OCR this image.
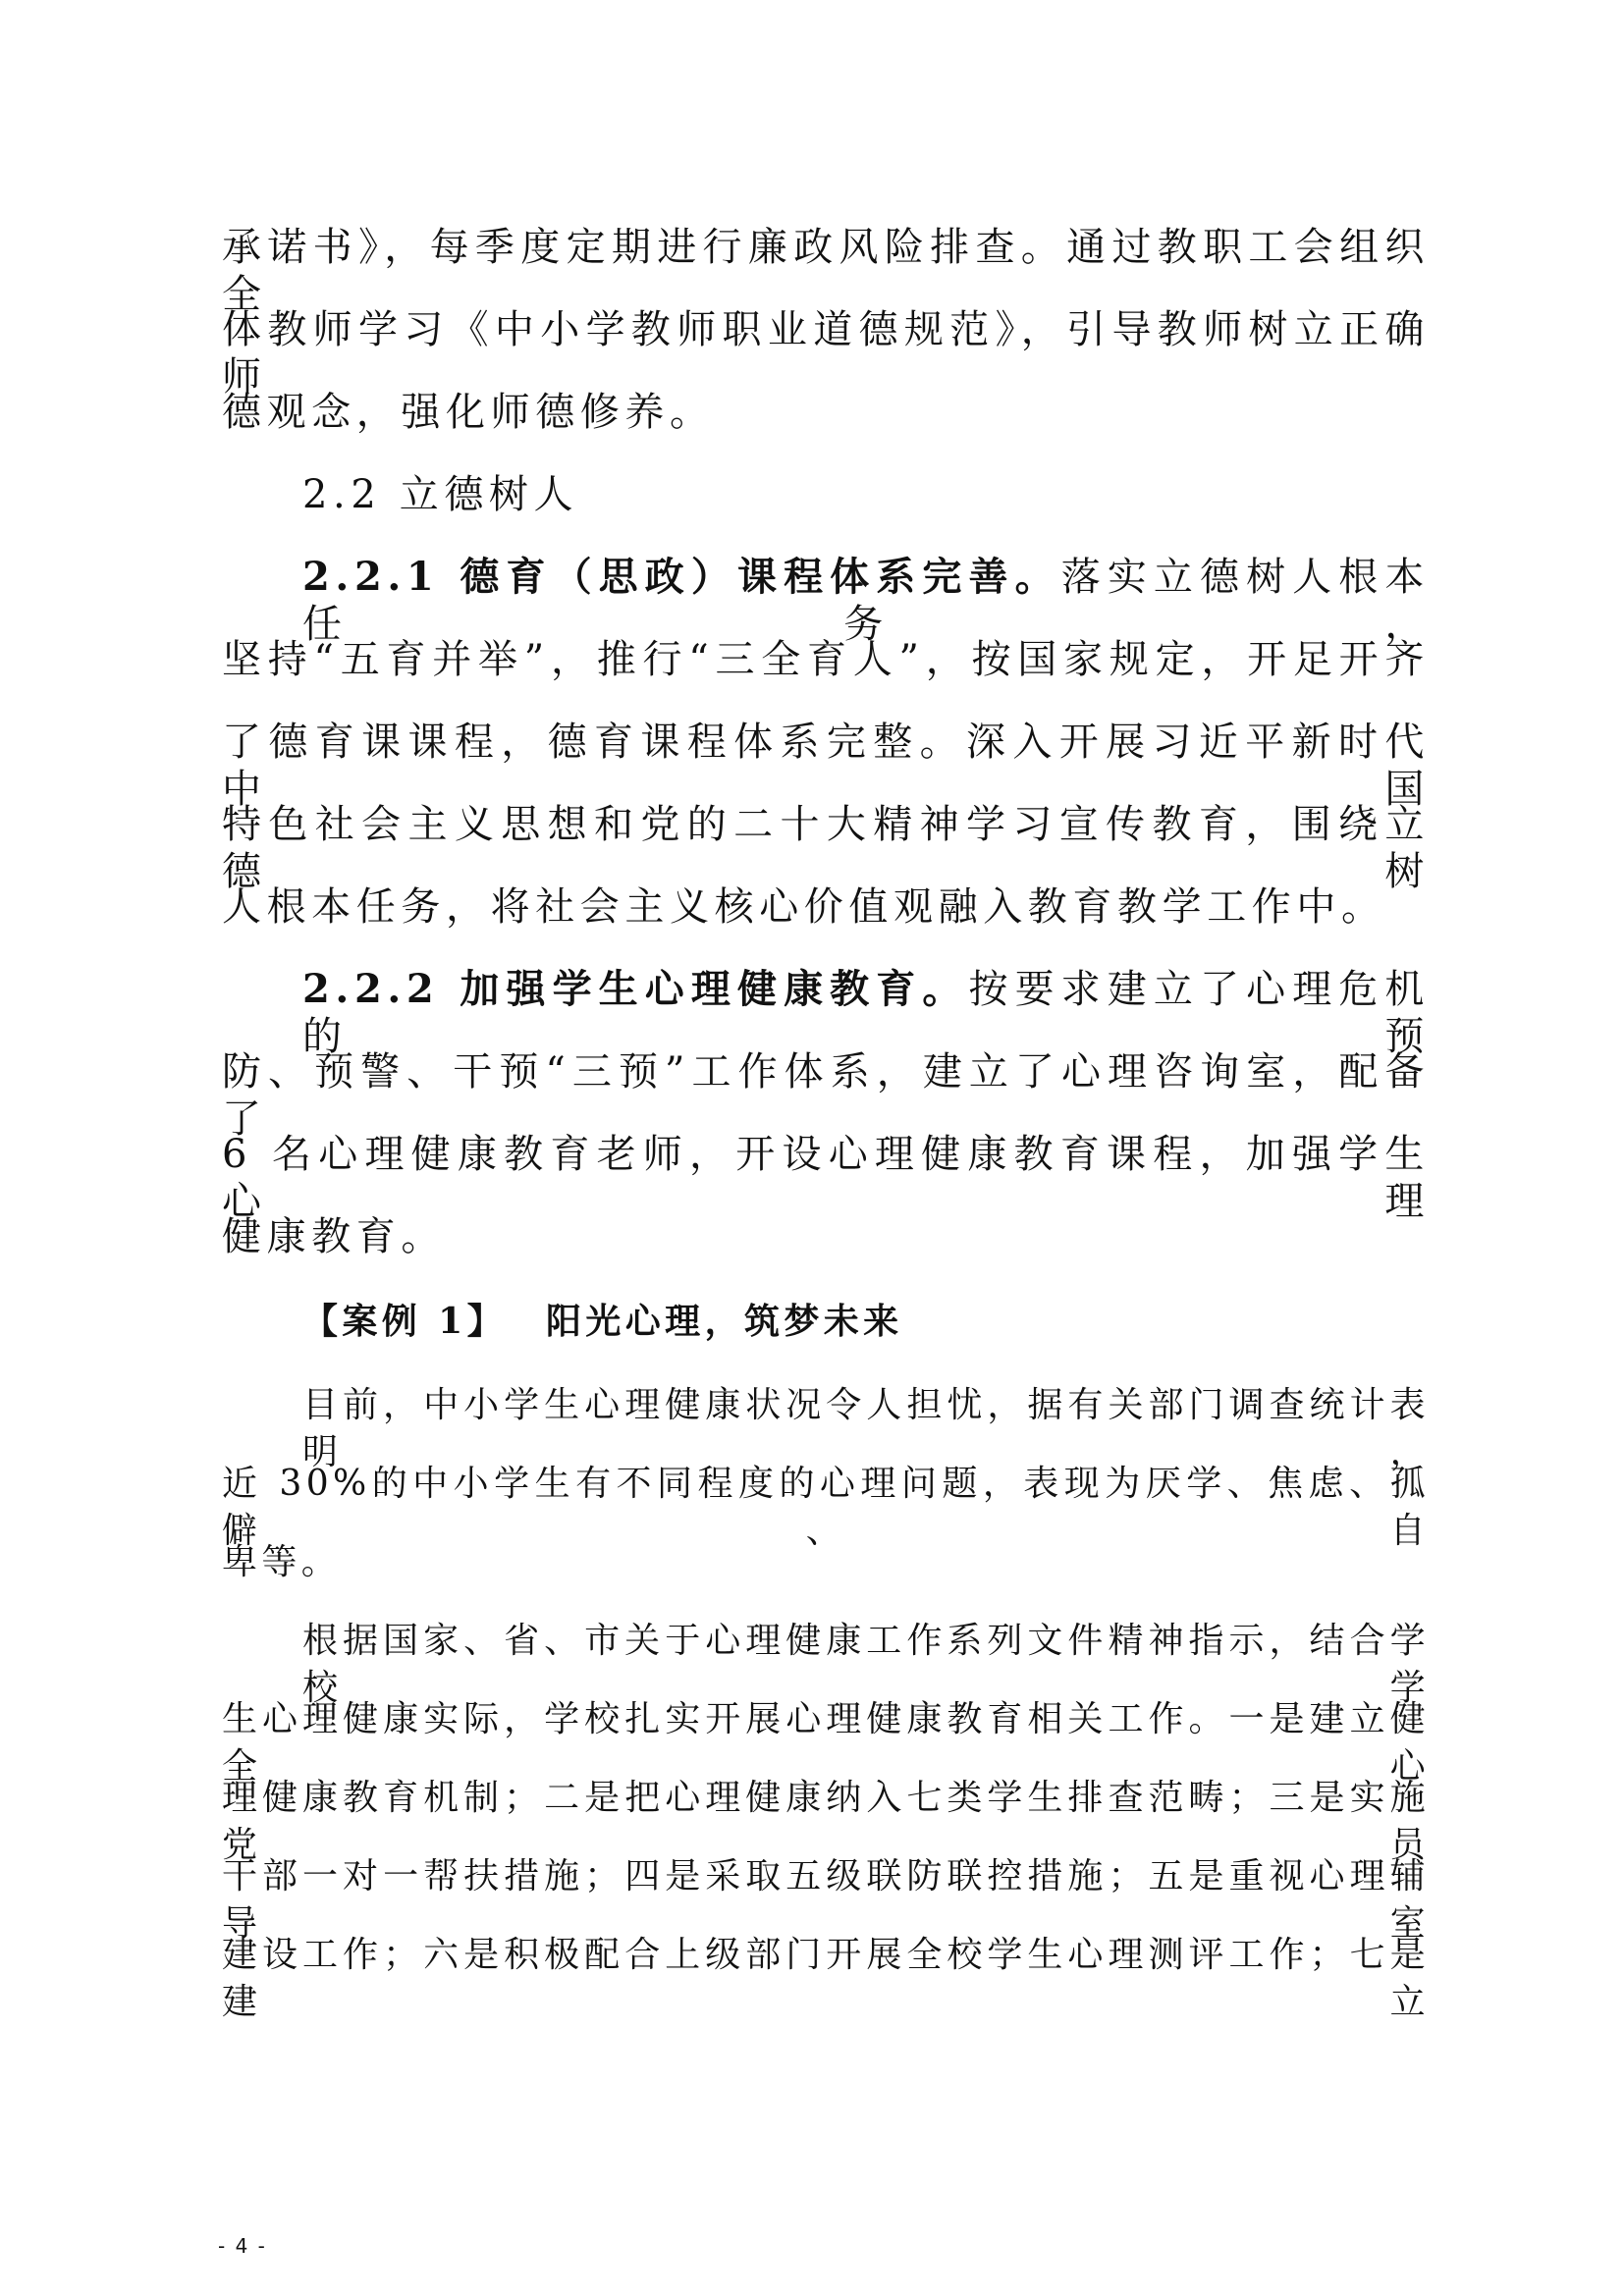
承诺书》，每季度定期进行廉政风险排查。通过教职工会组织全
体教师学习《中小学教师职业道德规范》，引导教师树立正确师
德观念，强化师德修养。
2.2 立德树人
2.2.1 德育（思政）课程体系完善。落实立德树人根本任务，
坚持“五育并举”，推行“三全育人”，按国家规定，开足开齐
了德育课课程，德育课程体系完整。深入开展习近平新时代中国
特色社会主义思想和党的二十大精神学习宣传教育，围绕立德树
人根本任务，将社会主义核心价值观融入教育教学工作中。
2.2.2 加强学生心理健康教育。按要求建立了心理危机的预
防、预警、干预“三预”工作体系，建立了心理咨询室，配备了
6 名心理健康教育老师，开设心理健康教育课程，加强学生心理
健康教育。
【案例 1】 阳光心理，筑梦未来
目前，中小学生心理健康状况令人担忧，据有关部门调查统计表明，
近 30%的中小学生有不同程度的心理问题，表现为厌学、焦虑、孤僻、自
卑等。
根据国家、省、市关于心理健康工作系列文件精神指示，结合学校学
生心理健康实际，学校扎实开展心理健康教育相关工作。一是建立健全心
理健康教育机制；二是把心理健康纳入七类学生排查范畴；三是实施党员
干部一对一帮扶措施；四是采取五级联防联控措施；五是重视心理辅导室
建设工作；六是积极配合上级部门开展全校学生心理测评工作；七是建立
- 4 -
